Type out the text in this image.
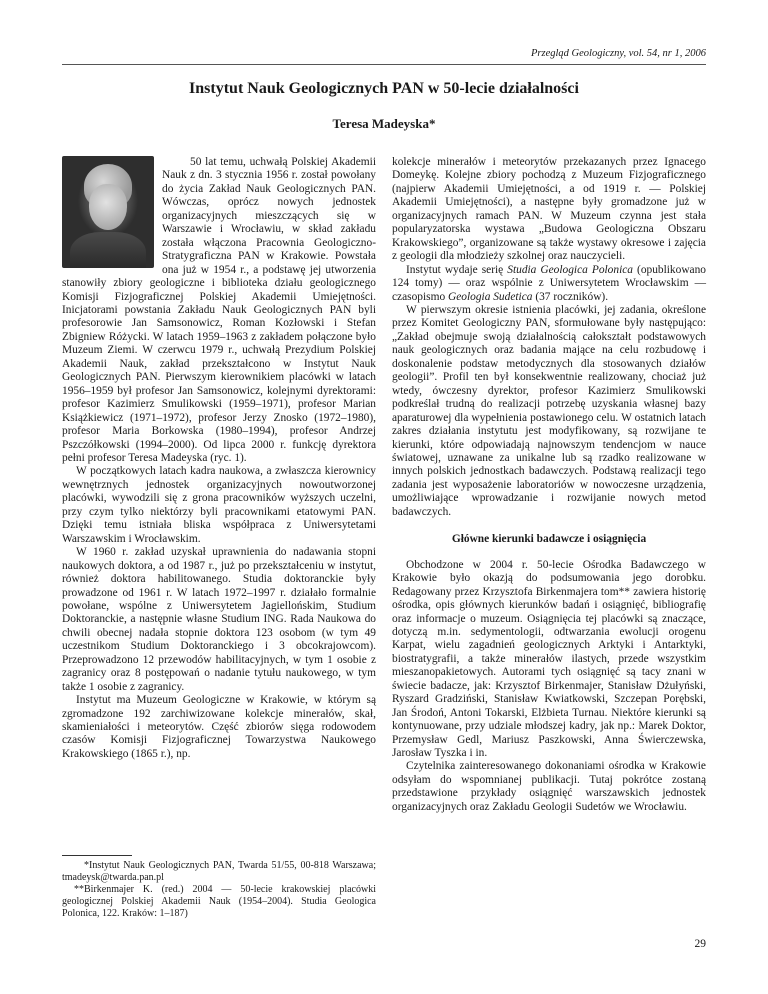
Przegląd Geologiczny, vol. 54, nr 1, 2006
Instytut Nauk Geologicznych PAN w 50-lecie działalności
Teresa Madeyska*

50 lat temu, uchwałą Polskiej Akademii Nauk z dn. 3 stycznia 1956 r. został powołany do życia Zakład Nauk Geologicznych PAN. Wówczas, oprócz nowych jednostek organizacyjnych mieszczących się w Warszawie i Wrocławiu, w skład zakładu została włączona Pracownia Geologiczno-Stratygraficzna PAN w Krakowie. Powstała ona już w 1954 r., a podstawę jej utworzenia stanowiły zbiory geologiczne i biblioteka działu geologicznego Komisji Fizjograficznej Polskiej Akademii Umiejętności. Inicjatorami powstania Zakładu Nauk Geologicznych PAN byli profesorowie Jan Samsonowicz, Roman Kozłowski i Stefan Zbigniew Różycki. W latach 1959–1963 z zakładem połączone było Muzeum Ziemi. W czerwcu 1979 r., uchwałą Prezydium Polskiej Akademii Nauk, zakład przekształcono w Instytut Nauk Geologicznych PAN. Pierwszym kierownikiem placówki w latach 1956–1959 był profesor Jan Samsonowicz, kolejnymi dyrektorami: profesor Kazimierz Smulikowski (1959–1971), profesor Marian Książkiewicz (1971–1972), profesor Jerzy Znosko (1972–1980), profesor Maria Borkowska (1980–1994), profesor Andrzej Pszczółkowski (1994–2000). Od lipca 2000 r. funkcję dyrektora pełni profesor Teresa Madeyska (ryc. 1).

W początkowych latach kadra naukowa, a zwłaszcza kierownicy wewnętrznych jednostek organizacyjnych nowoutworzonej placówki, wywodzili się z grona pracowników wyższych uczelni, przy czym tylko niektórzy byli pracownikami etatowymi PAN. Dzięki temu istniała bliska współpraca z Uniwersytetami Warszawskim i Wrocławskim.

W 1960 r. zakład uzyskał uprawnienia do nadawania stopni naukowych doktora, a od 1987 r., już po przekształceniu w instytut, również doktora habilitowanego. Studia doktoranckie były prowadzone od 1961 r. W latach 1972–1997 r. działało formalnie powołane, wspólne z Uniwersytetem Jagiellońskim, Studium Doktoranckie, a następnie własne Studium ING. Rada Naukowa do chwili obecnej nadała stopnie doktora 123 osobom (w tym 49 uczestnikom Studium Doktoranckiego i 3 obcokrajowcom). Przeprowadzono 12 przewodów habilitacyjnych, w tym 1 osobie z zagranicy oraz 8 postępowań o nadanie tytułu naukowego, w tym także 1 osobie z zagranicy.

Instytut ma Muzeum Geologiczne w Krakowie, w którym są zgromadzone 192 zarchiwizowane kolekcje minerałów, skał, skamieniałości i meteorytów. Część zbiorów sięga rodowodem czasów Komisji Fizjograficznej Towarzystwa Naukowego Krakowskiego (1865 r.), np.

kolekcje minerałów i meteorytów przekazanych przez Ignacego Domeykę. Kolejne zbiory pochodzą z Muzeum Fizjograficznego (najpierw Akademii Umiejętności, a od 1919 r. — Polskiej Akademii Umiejętności), a następne były gromadzone już w organizacyjnych ramach PAN. W Muzeum czynna jest stała popularyzatorska wystawa „Budowa Geologiczna Obszaru Krakowskiego”, organizowane są także wystawy okresowe i zajęcia z geologii dla młodzieży szkolnej oraz nauczycieli.

Instytut wydaje serię Studia Geologica Polonica (opublikowano 124 tomy) — oraz wspólnie z Uniwersytetem Wrocławskim — czasopismo Geologia Sudetica (37 roczników).

W pierwszym okresie istnienia placówki, jej zadania, określone przez Komitet Geologiczny PAN, sformułowane były następująco: „Zakład obejmuje swoją działalnością całokształt podstawowych nauk geologicznych oraz badania mające na celu rozbudowę i doskonalenie podstaw metodycznych dla stosowanych działów geologii”. Profil ten był konsekwentnie realizowany, chociaż już wtedy, ówczesny dyrektor, profesor Kazimierz Smulikowski podkreślał trudną do realizacji potrzebę uzyskania własnej bazy aparaturowej dla wypełnienia postawionego celu. W ostatnich latach zakres działania instytutu jest modyfikowany, są rozwijane te kierunki, które odpowiadają najnowszym tendencjom w nauce światowej, uznawane za unikalne lub są rzadko realizowane w innych polskich jednostkach badawczych. Podstawą realizacji tego zadania jest wyposażenie laboratoriów w nowoczesne urządzenia, umożliwiające wprowadzanie i rozwijanie nowych metod badawczych.

Główne kierunki badawcze i osiągnięcia

Obchodzone w 2004 r. 50-lecie Ośrodka Badawczego w Krakowie było okazją do podsumowania jego dorobku. Redagowany przez Krzysztofa Birkenmajera tom** zawiera historię ośrodka, opis głównych kierunków badań i osiągnięć, bibliografię oraz informacje o muzeum. Osiągnięcia tej placówki są znaczące, dotyczą m.in. sedymentologii, odtwarzania ewolucji orogenu Karpat, wielu zagadnień geologicznych Arktyki i Antarktyki, biostratygrafii, a także minerałów ilastych, przede wszystkim mieszanopakietowych. Autorami tych osiągnięć są tacy znani w świecie badacze, jak: Krzysztof Birkenmajer, Stanisław Dżułyński, Ryszard Gradziński, Stanisław Kwiatkowski, Szczepan Porębski, Jan Środoń, Antoni Tokarski, Elżbieta Turnau. Niektóre kierunki są kontynuowane, przy udziale młodszej kadry, jak np.: Marek Doktor, Przemysław Gedl, Mariusz Paszkowski, Anna Świerczewska, Jarosław Tyszka i in.

Czytelnika zainteresowanego dokonaniami ośrodka w Krakowie odsyłam do wspomnianej publikacji. Tutaj pokrótce zostaną przedstawione przykłady osiągnięć warszawskich jednostek organizacyjnych oraz Zakładu Geologii Sudetów we Wrocławiu.

*Instytut Nauk Geologicznych PAN, Twarda 51/55, 00-818 Warszawa; tmadeysk@twarda.pan.pl

**Birkenmajer K. (red.) 2004 — 50-lecie krakowskiej placówki geologicznej Polskiej Akademii Nauk (1954–2004). Studia Geologica Polonica, 122. Kraków: 1–187)

29
